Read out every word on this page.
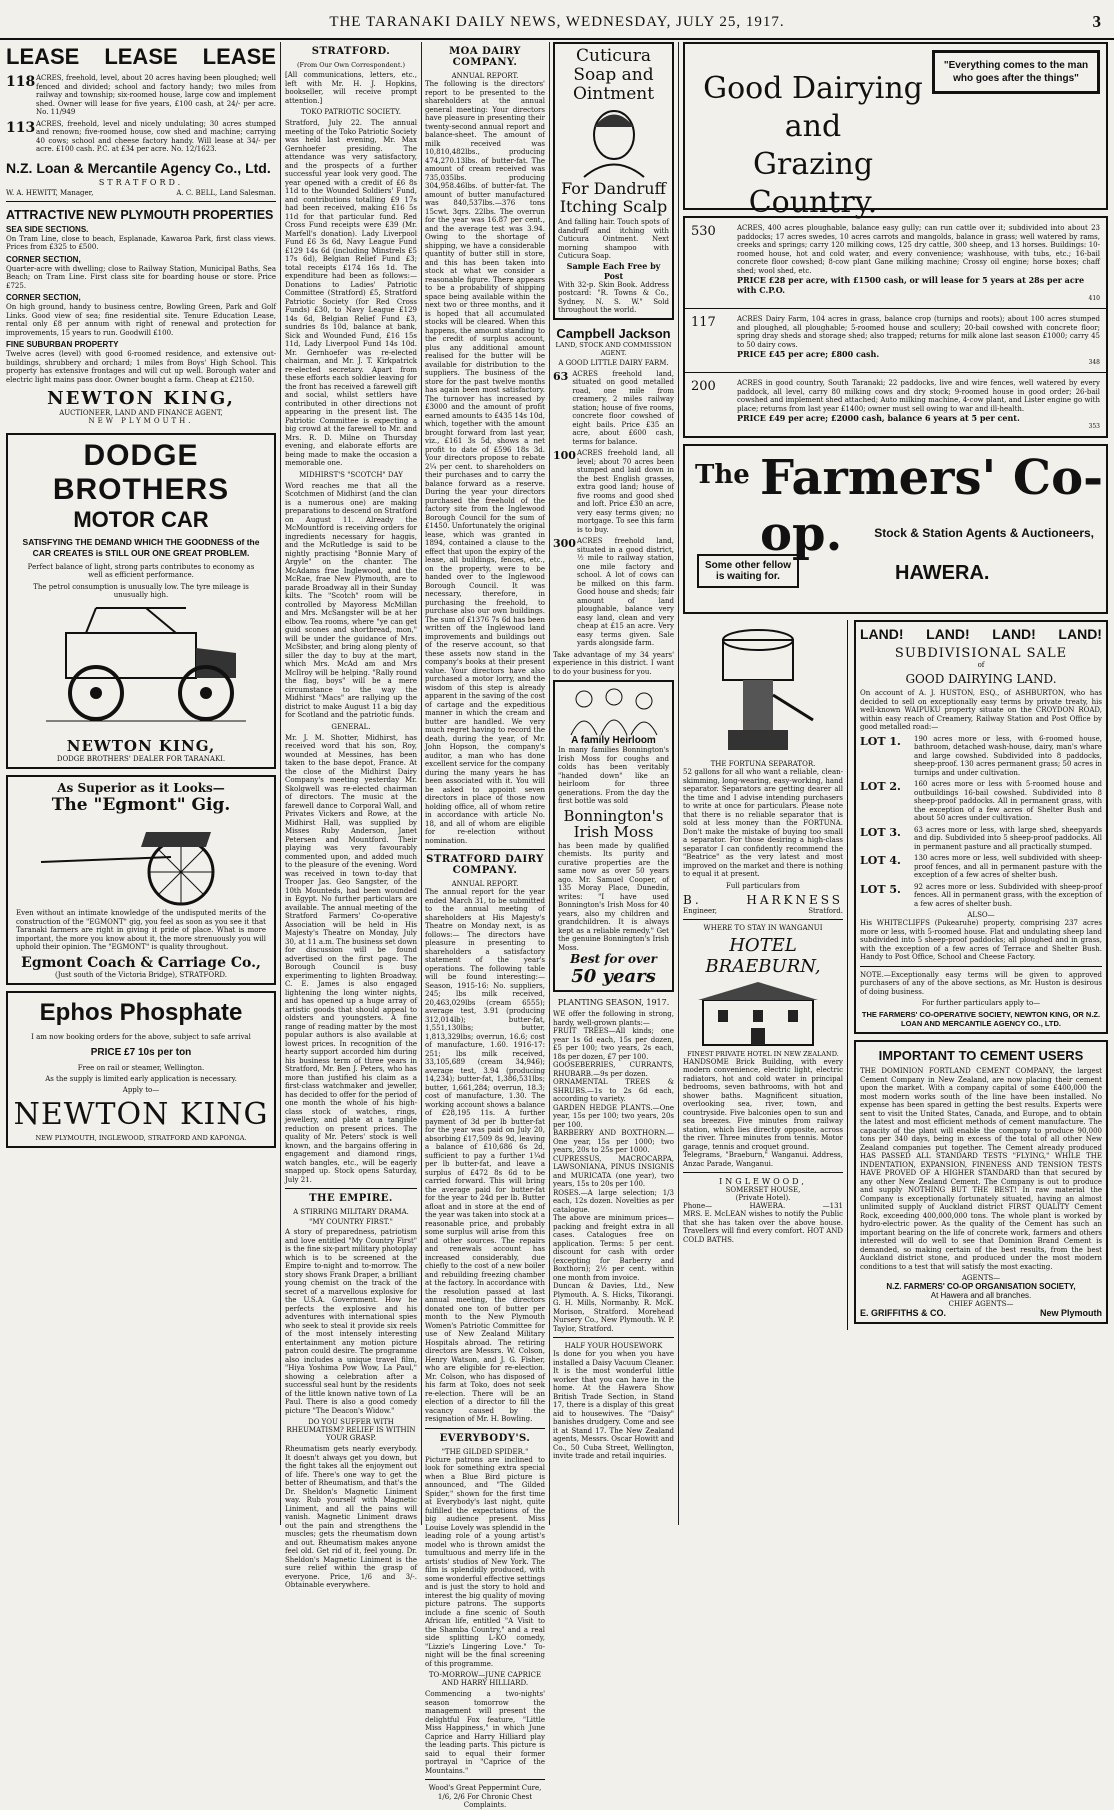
THE TARANAKI DAILY NEWS, WEDNESDAY, JULY 25, 1917.	3
LEASE LEASE LEASE
118 ACRES, freehold, level, about 20 acres having been ploughed; well fenced and divided; school and factory handy; two miles from railway and township; six-roomed house, large cow and implement shed. Owner will lease for five years, £100 cash, at 24/- per acre. No. 11/949
113 ACRES, freehold, level and nicely undulating; 30 acres stumped and renown; five-roomed house, cow shed and machine; carrying 40 cows; school and cheese factory handy. Will lease at 34/- per acre. £100 cash. P.C. at £34 per acre. No. 12/1623.
N.Z. Loan & Mercantile Agency Co., Ltd.
STRATFORD.
W. A. HEWITT, Manager,	A. C. BELL, Land Salesman.
ATTRACTIVE NEW PLYMOUTH PROPERTIES
SEA SIDE SECTIONS.
On Tram Line, close to beach, Esplanade, Kawaroa Park, first class views. Prices from £325 to £500.
CORNER SECTION,
Quarter-acre with dwelling; close to Railway Station, Municipal Baths, Sea Beach; on Tram Line. First class site for boarding house or store. Price £725.
CORNER SECTION,
On high ground, handy to business centre, Bowling Green, Park and Golf Links. Good view of sea; fine residential site. Tenure Education Lease, rental only £8 per annum with right of renewal and protection for improvements, 15 years to run. Goodwill £100.
FINE SUBURBAN PROPERTY
Twelve acres (level) with good 6-roomed residence, and extensive out-buildings, shrubbery and orchard; 1 miles from Boys' High School. This property has extensive frontages and will cut up well. Borough water and electric light mains pass door. Owner bought a farm. Cheap at £2150.
NEWTON KING,
AUCTIONEER, LAND AND FINANCE AGENT,
NEW PLYMOUTH.
DODGE BROTHERS
MOTOR CAR
SATISFYING THE DEMAND WHICH THE GOODNESS of the CAR CREATES is STILL OUR ONE GREAT PROBLEM.
Perfect balance of light, strong parts contributes to economy as well as efficient performance.
The petrol consumption is unusually low. The tyre mileage is unusually high.
NEWTON KING,
DODGE BROTHERS' DEALER FOR TARANAKI.
As Superior as it Looks—
The "Egmont" Gig.
Even without an intimate knowledge of the undisputed merits of the construction of the "EGMONT" gig, you feel as soon as you see it that Taranaki farmers are right in giving it pride of place. What is more important, the more you know about it, the more strenuously you will uphold their opinion. The "EGMONT" is quality throughout.
Egmont Coach & Carriage Co.,
(Just south of the Victoria Bridge), STRATFORD.
Ephos Phosphate
I am now booking orders for the above, subject to safe arrival
PRICE £7 10s per ton
Free on rail or steamer, Wellington.
As the supply is limited early application is necessary.
Apply to—
NEWTON KING
NEW PLYMOUTH, INGLEWOOD, STRATFORD AND KAPONGA.
STRATFORD.
(From Our Own Correspondent.)
[All communications, letters, etc., left with Mr. H. J. Hopkins, bookseller, will receive prompt attention.]
TOKO PATRIOTIC SOCIETY.
Stratford, July 22. The annual meeting of the Toko Patriotic Society was held last evening, Mr. Max Gernhoefer presiding. The attendance was very satisfactory, and the prospects of a further successful year look very good. The year opened with a credit of £6 8s 11d to the Wounded Soldiers' Fund, and contributions totalling £9 17s had been received, making £16 5s 11d for that particular fund. Red Cross Fund receipts were £39 (Mr. Marfell's donation). Lady Liverpool Fund £6 3s 6d, Navy League Fund £129 14s 6d (including Minstrels £5 17s 6d), Belgian Relief Fund £3; total receipts £174 16s 1d. The expenditure had been as follows:—Donations to Ladies' Patriotic Committee (Stratford) £5, Stratford Patriotic Society (for Red Cross Funds) £30, to Navy League £129 14s 6d, Belgian Relief Fund £3, sundries 8s 10d, balance at bank, Sick and Wounded Fund, £16 15s 11d, Lady Liverpool Fund 14s 10d. Mr. Gernhoefer was re-elected chairman, and Mr. J. T. Kirkpatrick re-elected secretary. Apart from these efforts each soldier leaving for the front has received a farewell gift and social, whilst settlers have contributed in other directions not appearing in the present list. The Patriotic Committee is expecting a big crowd at the farewell to Mr. and Mrs. R. D. Milne on Thursday evening, and elaborate efforts are being made to make the occasion a memorable one.
MIDHIRST'S "SCOTCH" DAY
Word reaches me that all the Scotchmen of Midhirst (and the clan is a numerous one) are making preparations to descend on Stratford on August 11. Already the McMountford is receiving orders for ingredients necessary for haggis, and the McRutledge is said to be nightly practising "Bonnie Mary of Argyle" on the chanter. The McAdams frae Inglewood, and the McRae, frae New Plymouth, are to parade Broadway all in their Sunday kilts. The "Scotch" room will be controlled by Mayoress McMillan and Mrs. McSangster will be at her elbow. Tea rooms, where "ye can get guid scones and shortbread, mon," will be under the guidance of Mrs. McSibster, and bring along plenty of siller the day to buy at the mart, which Mrs. McAd am and Mrs McIlroy will be helping. "Rally round the flag, boys" will be a mere circumstance to the way the Midhirst "Macs" are rallying up the district to make August 11 a big day for Scotland and the patriotic funds.
GENERAL.
Mr. J. M. Shotter, Midhirst, has received word that his son, Roy, wounded at Messines, has been taken to the base depot, France. At the close of the Midhirst Dairy Company's meeting yesterday Mr. Skolgwell was re-elected chairman of directors. The music at the farewell dance to Corporal Wall, and Privates Vickers and Rowe, at the Midhirst Hall, was supplied by Misses Ruby Anderson, Janet Petersen and Mountford. Their playing was very favourably commented upon, and added much to the pleasure of the evening. Word was received in town to-day that Trooper Jas. Geo Sangster, of the 10th Mounteds, had been wounded in Egypt. No further particulars are available. The annual meeting of the Stratford Farmers' Co-operative Association will be held in His Majesty's Theatre on Monday, July 30, at 11 a.m. The business set down for discussion will be found advertised on the first page. The Borough Council is busy experimenting to lighten Broadway. C. E. James is also engaged lightening the long winter nights, and has opened up a huge array of artistic goods that should appeal to oldsters and youngsters. A fine range of reading matter by the most popular authors is also available at lowest prices. In recognition of the hearty support accorded him during his business term of three years in Stratford, Mr. Ben J. Peters, who has more than justified his claim as a first-class watchmaker and jeweller, has decided to offer for the period of one month the whole of his high-class stock of watches, rings, jewellery, and plate at a tangible reduction on present prices. The quality of Mr. Peters' stock is well known, and the bargains offering in engagement and diamond rings, watch bangles, etc., will be eagerly snapped up. Stock opens Saturday, July 21.
THE EMPIRE.
A STIRRING MILITARY DRAMA.
"MY COUNTRY FIRST."
A story of preparedness, patriotism and love entitled "My Country First" is the fine six-part military photoplay which is to be screened at the Empire to-night and to-morrow. The story shows Frank Draper, a brilliant young chemist on the track of the secret of a marvellous explosive for the U.S.A. Government. How he perfects the explosive and his adventures with international spies who seek to steal it provide six reels of the most intensely interesting entertainment any motion picture patron could desire. The programme also includes a unique travel film, "Hiya Yoshima Pow Wow, La Paul," showing a celebration after a successful seal hunt by the residents of the little known native town of La Paul. There is also a good comedy picture "The Deacon's Widow."
DO YOU SUFFER WITH RHEUMATISM? RELIEF IS WITHIN YOUR GRASP.
Rheumatism gets nearly everybody. It doesn't always get you down, but the fight takes all the enjoyment out of life. There's one way to get the better of Rheumatism, and that's the Dr. Sheldon's Magnetic Liniment way. Rub yourself with Magnetic Liniment, and all the pains will vanish. Magnetic Liniment draws out the pain and strengthens the muscles; gets the rheumatism down and out. Rheumatism makes anyone feel old. Get rid of it, feel young. Dr. Sheldon's Magnetic Liniment is the sure relief within the grasp of everyone. Price, 1/6 and 3/-. Obtainable everywhere.
MOA DAIRY COMPANY.
ANNUAL REPORT.
The following is the directors' report to be presented to the shareholders at the annual general meeting: Your directors have pleasure in presenting their twenty-second annual report and balance-sheet. The amount of milk received was 10,810,482lbs., producing 474,270.13lbs. of butter-fat. The amount of cream received was 735,035lbs. producing 304,958.46lbs. of butter-fat. The amount of butter manufactured was 840,537lbs.—376 tons 15cwt. 3qrs. 22lbs. The overrun for the year was 16.87 per cent., and the average test was 3.94. Owing to the shortage of shipping, we have a considerable quantity of butter still in store, and this has been taken into stock at what we consider a reasonable figure. There appears to be a probability of shipping space being available within the next two or three months, and it is hoped that all accumulated stocks will be cleared. When this happens, the amount standing to the credit of surplus account, plus any additional amount realised for the butter will be available for distribution to the suppliers. The business of the store for the past twelve months has again been most satisfactory. The turnover has increased by £3000 and the amount of profit earned amounts to £435 14s 10d, which, together with the amount brought forward from last year, viz., £161 3s 5d, shows a net profit to date of £596 18s 3d. Your directors propose to rebate 2¼ per cent. to shareholders on their purchases and to carry the balance forward as a reserve. During the year your directors purchased the freehold of the factory site from the Inglewood Borough Council for the sum of £1450. Unfortunately the original lease, which was granted in 1894, contained a clause to the effect that upon the expiry of the lease, all buildings, fences, etc., on the property, were to be handed over to the Inglewood Borough Council. It was necessary, therefore, in purchasing the freehold, to purchase also our own buildings. The sum of £1376 7s 6d has been written off the Inglewood land improvements and buildings out of the reserve account, so that these assets now stand in the company's books at their present value. Your directors have also purchased a motor lorry, and the wisdom of this step is already apparent in the saving of the cost of cartage and the expeditious manner in which the cream and butter are handled. We very much regret having to record the death, during the year, of Mr. John Hopson, the company's auditor, a man who has done excellent service for the company during the many years he has been associated with it. You will be asked to appoint seven directors in place of those now holding office, all of whom retire in accordance with article No. 18, and all of whom are eligible for re-election without nomination.
STRATFORD DAIRY COMPANY.
ANNUAL REPORT.
The annual report for the year ended March 31, to be submitted to the annual meeting of shareholders at His Majesty's Theatre on Monday next, is as follows:— The directors have pleasure in presenting to shareholders a satisfactory statement of the year's operations. The following table will be found interesting:— Season, 1915-16: No. suppliers, 245; lbs milk received, 20,463,029lbs (cream 6555); average test, 3.91 (producing 312,014lb); butter-fat, 1,551,130lbs; butter, 1,813,329lbs; overrun, 16.6; cost of manufacture, 1.60. 1916-17: 251; lbs milk received, 33,105,689 (cream 34,946); average test, 3.94 (producing 14,234); butter-fat, 1,386,531lbs; butter, 1,661,284; overrun, 18.3; cost of manufacture, 1.30. The working account shows a balance of £28,195 11s. A further payment of 3d per lb butter-fat for the year was paid on July 20, absorbing £17,509 8s 9d, leaving a balance of £10,686 6s 2d, sufficient to pay a further 1¼d per lb butter-fat, and leave a surplus of £472 8s 6d to be carried forward. This will bring the average paid for butter-fat for the year to 24d per lb. Butter afloat and in store at the end of the year was taken into stock at a reasonable price, and probably some surplus will arise from this and other sources. The repairs and renewals account has increased considerably, due chiefly to the cost of a new boiler and rebuilding freezing chamber at the factory. In accordance with the resolution passed at last annual meeting, the directors donated one ton of butter per month to the New Plymouth Women's Patriotic Committee for use of New Zealand Military Hospitals abroad. The retiring directors are Messrs. W. Colson, Henry Watson, and J. G. Fisher, who are eligible for re-election. Mr. Colson, who has disposed of his farm at Toko, does not seek re-election. There will be an election of a director to fill the vacancy caused by the resignation of Mr. H. Bowling.
EVERYBODY'S.
"THE GILDED SPIDER."
Picture patrons are inclined to look for something extra special when a Blue Bird picture is announced, and "The Gilded Spider," shown for the first time at Everybody's last night, quite fulfilled the expectations of the big audience present. Miss Louise Lovely was splendid in the leading role of a young artist's model who is thrown amidst the tumultuous and merry life in the artists' studios of New York. The film is splendidly produced, with some wonderful effective settings and is just the story to hold and interest the big quality of moving picture patrons. The supports include a fine scenic of South African life, entitled "A Visit to the Shamba Country," and a real side splitting L-KO comedy, "Lizzie's Lingering Love." To-night will be the final screening of this programme.
TO-MORROW—JUNE CAPRICE AND HARRY HILLIARD.
Commencing a two-nights' season tomorrow the management will present the delightful Fox feature, "Little Miss Happiness," in which June Caprice and Harry Hilliard play the leading parts. This picture is said to equal their former portrayal in "Caprice of the Mountains."
Wood's Great Peppermint Cure, 1/6, 2/6 For Chronic Chest Complaints.
Cuticura Soap and Ointment
For Dandruff Itching Scalp
And falling hair. Touch spots of dandruff and itching with Cuticura Ointment. Next morning shampoo with Cuticura Soap.
Sample Each Free by Post
With 32-p. Skin Book. Address postcard: "R. Towns & Co., Sydney, N. S. W." Sold throughout the world.
Campbell Jackson
LAND, STOCK AND COMMISSION AGENT.
A GOOD LITTLE DAIRY FARM.
63 ACRES freehold land, situated on good metalled road, one mile from creamery, 2 miles railway station; house of five rooms, concrete floor cowshed of eight bails. Price £35 an acre, about £600 cash, terms for balance.
100 ACRES freehold land, all level; about 70 acres been stumped and laid down in the best English grasses, extra good land; house of five rooms and good shed and loft. Price £30 an acre, very easy terms given; no mortgage. To see this farm is to buy.
300 ACRES freehold land, situated in a good district, ½ mile to railway station, one mile factory and school. A lot of cows can be milked on this farm. Good house and sheds; fair amount of land ploughable, balance very easy land, clean and very cheap at £15 an acre. Very easy terms given. Sale yards alongside farm.
Take advantage of my 34 years' experience in this district. I want to do your business for you.
A family Heirloom
In many families Bonnington's Irish Moss for coughs and colds has been veritably "handed down" like an heirloom for three generations. From the day the first bottle was sold
Bonnington's Irish Moss
has been made by qualified chemists. Its purity and curative properties are the same now as over 50 years ago. Mr. Samuel Cooper, of 135 Moray Place, Dunedin, writes: "I have used Bonnington's Irish Moss for 40 years, also my children and grandchildren. It is always kept as a reliable remedy." Get the genuine Bonnington's Irish Moss.
Best for over
50 years
PLANTING SEASON, 1917.
WE offer the following in strong, hardy, well-grown plants:—
FRUIT TREES—All kinds; one year 1s 6d each, 15s per dozen, £5 per 100; two years, 2s each, 18s per dozen, £7 per 100.
GOOSEBERRIES, CURRANTS, RHUBARB.—9s per dozen.
ORNAMENTAL TREES & SHRUBS.—1s to 2s 6d each, according to variety.
GARDEN HEDGE PLANTS.—One year, 15s per 100; two years, 20s per 100.
BARBERRY AND BOXTHORN.—One year, 15s per 1000; two years, 20s to 25s per 1000.
CUPRESSUS, MACROCARPA, LAWSONIANA, PINUS INSIGNIS and MURICATA (one year), two years, 15s to 20s per 100.
ROSES.—A large selection; 1/3 each, 12s dozen. Novelties as per catalogue.
The above are minimum prices—packing and freight extra in all cases. Catalogues free on application. Terms: 5 per cent. discount for cash with order (excepting for Barberry and Boxthorn); 2½ per cent. within one month from invoice.
Duncan & Davies, Ltd., New Plymouth. A. S. Hicks, Tikorangi. G. H. Mills, Normanby. R. McK. Morison, Stratford. Morehead Nursery Co., New Plymouth. W. P. Taylor, Stratford.
HALF YOUR HOUSEWORK
Is done for you when you have installed a Daisy Vacuum Cleaner. It is the most wonderful little worker that you can have in the home. At the Hawera Show British Trade Section, in Stand 17, there is a display of this great aid to housewives. The "Daisy" banishes drudgery. Come and see it at Stand 17. The New Zealand agents, Messrs. Oscar Howitt and Co., 50 Cuba Street, Wellington, invite trade and retail inquiries.
Good Dairying
and
Grazing Country.
"Everything comes to the man who goes after the things"
530	ACRES, 400 acres ploughable, balance easy gully; can run cattle over it; subdivided into about 23 paddocks; 17 acres swedes, 10 acres carrots and mangolds, balance in grass; well watered by rams, creeks and springs; carry 120 milking cows, 125 dry cattle, 300 sheep, and 13 horses. Buildings: 10-roomed house, hot and cold water, and every convenience; washhouse, with tubs, etc.; 16-bail concrete floor cowshed; 8-cow plant Gane milking machine; Crossy oil engine; horse boxes; chaff shed; wool shed, etc.
PRICE £28 per acre, with £1500 cash, or will lease for 5 years at 28s per acre with C.P.O.
410
117	ACRES Dairy Farm, 104 acres in grass, balance crop (turnips and roots); about 100 acres stumped and ploughed, all ploughable; 5-roomed house and scullery; 20-bail cowshed with concrete floor; spring dray sheds and storage shed; also trapped; returns for milk alone last season £1000; carry 45 to 50 dairy cows.
PRICE £45 per acre; £800 cash.
348
200	ACRES in good country, South Taranaki; 22 paddocks, live and wire fences, well watered by every paddock, all level, carry 80 milking cows and dry stock; 9-roomed house in good order; 26-bail cowshed and implement shed attached; Auto milking machine, 4-cow plant, and Lister engine go with place; returns from last year £1400; owner must sell owing to war and ill-health.
PRICE £49 per acre; £2000 cash, balance 6 years at 5 per cent.
353
The Farmers' Co-op.	Stock & Station Agents & Auctioneers,
Some other fellow is waiting for.	HAWERA.
THE FORTUNA SEPARATOR.
52 gallons for all who want a reliable, clean-skimming, long-wearing, easy-working, hand separator. Separators are getting dearer all the time and I advise intending purchasers to write at once for particulars. Please note that there is no reliable separator that is sold at less money than the FORTUNA. Don't make the mistake of buying too small a separator. For those desiring a high-class separator I can confidently recommend the "Beatrice" as the very latest and most improved on the market and there is nothing to equal it at present.
Full particulars from
B.	HARKNESS
Engineer,	Stratford.
WHERE TO STAY IN WANGANUI
HOTEL BRAEBURN,
FINEST PRIVATE HOTEL IN NEW ZEALAND.
HANDSOME Brick Building, with every modern convenience, electric light, electric radiators, hot and cold water in principal bedrooms, seven bathrooms, with hot and shower baths. Magnificent situation, overlooking sea, river, town, and countryside. Five balconies open to sun and sea breezes. Five minutes from railway station, which lies directly opposite, across the river. Three minutes from tennis. Motor garage, tennis and croquet ground.
Telegrams, "Braeburn," Wanganui. Address, Anzac Parade, Wanganui.
INGLEWOOD,
SOMERSET HOUSE,
(Private Hotel).
Phone—	HAWERA.	—131
MRS. E. McLEAN wishes to notify the Public that she has taken over the above house. Travellers will find every comfort. HOT AND COLD BATHS.
LAND! LAND! LAND! LAND!
SUBDIVISIONAL SALE
of
GOOD DAIRYING LAND.
On account of A. J. HUSTON, ESQ., of ASHBURTON, who has decided to sell on exceptionally easy terms by private treaty, his well-known WAIPUKU property situate on the CROYDON ROAD, within easy reach of Creamery, Railway Station and Post Office by good metalled road:—
LOT 1.	190 acres more or less, with 6-roomed house, bathroom, detached wash-house, dairy, man's whare and large cowshed. Subdivided into 8 paddocks, sheep-proof. 130 acres permanent grass; 50 acres in turnips and under cultivation.
LOT 2.	160 acres more or less with 5-roomed house and outbuildings 16-bail cowshed. Subdivided into 8 sheep-proof paddocks. All in permanent grass, with the exception of a few acres of Shelter Bush and about 50 acres under cultivation.
LOT 3.	63 acres more or less, with large shed, sheepyards and dip. Subdivided into 5 sheep-proof paddocks. All in permanent pasture and all practically stumped.
LOT 4.	130 acres more or less, well subdivided with sheep-proof fences, and all in permanent pasture with the exception of a few acres of shelter bush.
LOT 5.	92 acres more or less. Subdivided with sheep-proof fences. All in permanent grass, with the exception of a few acres of shelter bush.
ALSO—
His WHITECLIFFS (Pukearuhe) property, comprising 237 acres more or less, with 5-roomed house. Flat and undulating sheep land subdivided into 5 sheep-proof paddocks; all ploughed and in grass, with the exception of a few acres of Terrace and Shelter Bush. Handy to Post Office, School and Cheese Factory.
NOTE.—Exceptionally easy terms will be given to approved purchasers of any of the above sections, as Mr. Huston is desirous of doing business.
For further particulars apply to—
THE FARMERS' CO-OPERATIVE SOCIETY, NEWTON KING, OR N.Z. LOAN AND MERCANTILE AGENCY CO., LTD.
IMPORTANT TO CEMENT USERS
THE DOMINION FORTLAND CEMENT COMPANY, the largest Cement Company in New Zealand, are now placing their cement upon the market. With a company capital of some £400,000 the most modern works south of the line have been installed. No expense has been spared in getting the best results. Experts were sent to visit the United States, Canada, and Europe, and to obtain the latest and most efficient methods of cement manufacture. The capacity of the plant will enable the company to produce 90,000 tons per 340 days, being in excess of the total of all other New Zealand companies put together. The Cement already produced HAS PASSED ALL STANDARD TESTS "FLYING," WHILE THE INDENTATION, EXPANSION, FINENESS AND TENSION TESTS HAVE PROVED OF A HIGHER STANDARD than that secured by any other New Zealand Cement. The Company is out to produce and supply NOTHING BUT THE BEST! In raw material the Company is exceptionally fortunately situated, having an almost unlimited supply of Auckland district FIRST QUALITY Cement Rock, exceeding 400,000,000 tons. The whole plant is worked by hydro-electric power. As the quality of the Cement has such an important bearing on the life of concrete work, farmers and others interested will do well to see that Dominion Brand Cement is demanded, so making certain of the best results, from the best Auckland district stone, and produced under the most modern conditions to a test that will satisfy the most exacting.
AGENTS—
N.Z. FARMERS' CO-OP ORGANISATION SOCIETY,
At Hawera and all branches.
CHIEF AGENTS—
E. GRIFFITHS & CO.	New Plymouth
